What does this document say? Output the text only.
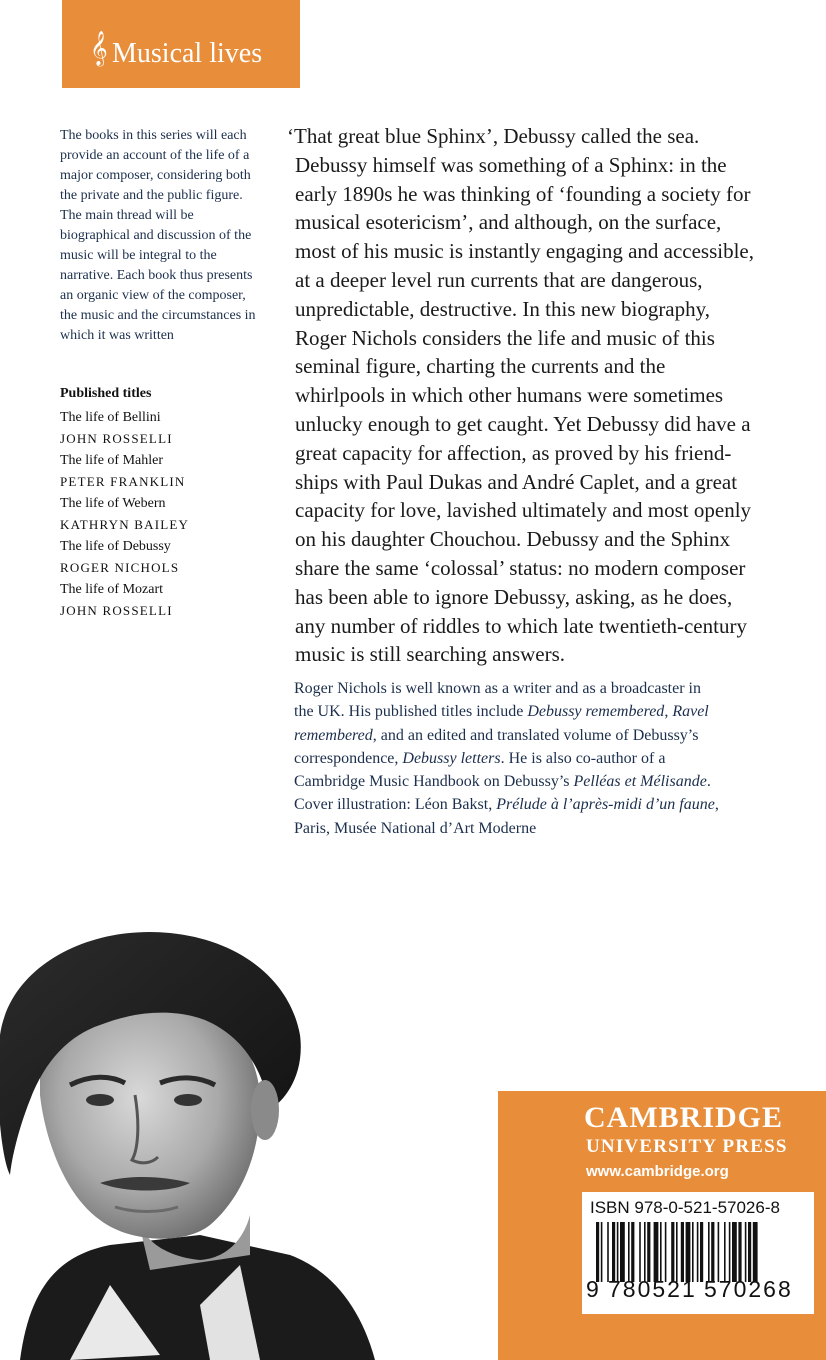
𝄞 Musical lives

The books in this series will each provide an account of the life of a major composer, considering both the private and the public figure. The main thread will be biographical and discussion of the music will be integral to the narrative. Each book thus presents an organic view of the composer, the music and the circumstances in which it was written

Published titles
The life of Bellini
JOHN ROSSELLI
The life of Mahler
PETER FRANKLIN
The life of Webern
KATHRYN BAILEY
The life of Debussy
ROGER NICHOLS
The life of Mozart
JOHN ROSSELLI
‘That great blue Sphinx’, Debussy called the sea.
Debussy himself was something of a Sphinx: in the
early 1890s he was thinking of ‘founding a society for
musical esotericism’, and although, on the surface,
most of his music is instantly engaging and accessible,
at a deeper level run currents that are dangerous,
unpredictable, destructive. In this new biography,
Roger Nichols considers the life and music of this
seminal figure, charting the currents and the
whirlpools in which other humans were sometimes
unlucky enough to get caught. Yet Debussy did have a
great capacity for affection, as proved by his friend-
ships with Paul Dukas and André Caplet, and a great
capacity for love, lavished ultimately and most openly
on his daughter Chouchou. Debussy and the Sphinx
share the same ‘colossal’ status: no modern composer
has been able to ignore Debussy, asking, as he does,
any number of riddles to which late twentieth-century
music is still searching answers.
Roger Nichols is well known as a writer and as a broadcaster in
the UK. His published titles include Debussy remembered, Ravel
remembered, and an edited and translated volume of Debussy’s
correspondence, Debussy letters. He is also co-author of a
Cambridge Music Handbook on Debussy’s Pelléas et Mélisande.
Cover illustration: Léon Bakst, Prélude à l’après-midi d’un faune,
Paris, Musée National d’Art Moderne
CAMBRIDGE
UNIVERSITY PRESS
www.cambridge.org
ISBN 978-0-521-57026-8
9 780521 570268
